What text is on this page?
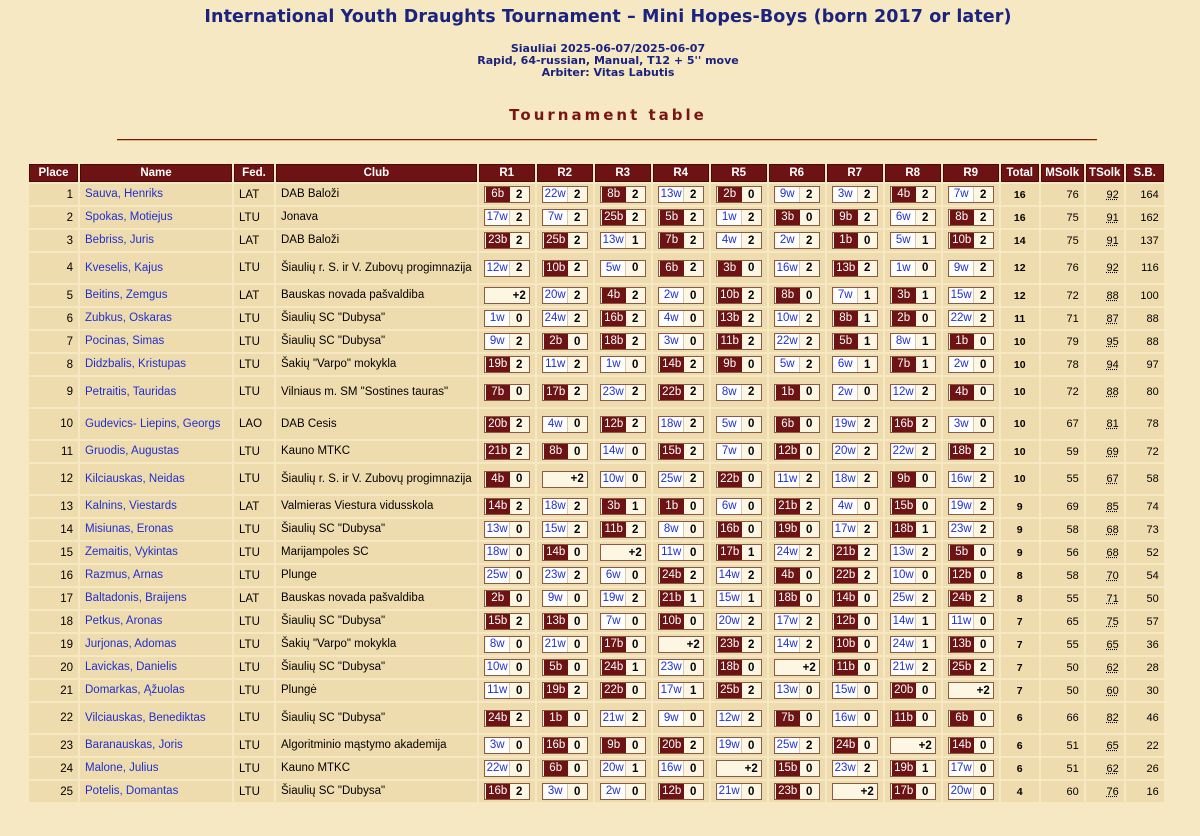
International Youth Draughts Tournament – Mini Hopes-Boys (born 2017 or later)
Siauliai 2025-06-07/2025-06-07
Rapid, 64-russian, Manual, T12 + 5'' move
Arbiter: Vitas Labutis
Tournament table
Place	Name	Fed.	Club	R1	R2	R3	R4	R5	R6	R7	R8	R9	Total	MSolk	TSolk	S.B.
1	Sauva, Henriks	LAT	DAB Baloži	6b 2	22w 2	8b 2	13w 2	2b 0	9w 2	3w 2	4b 2	7w 2	16	76	92	164
2	Spokas, Motiejus	LTU	Jonava	17w 2	7w 2	25b 2	5b 2	1w 2	3b 0	9b 2	6w 2	8b 2	16	75	91	162
3	Bebriss, Juris	LAT	DAB Baloži	23b 2	25b 2	13w 1	7b 2	4w 2	2w 2	1b 0	5w 1	10b 2	14	75	91	137
4	Kveselis, Kajus	LTU	Šiaulių r. S. ir V. Zubovų progimnazija	12w 2	10b 2	5w 0	6b 2	3b 0	16w 2	13b 2	1w 0	9w 2	12	76	92	116
5	Beitins, Zemgus	LAT	Bauskas novada pašvaldiba	+2	20w 2	4b 2	2w 0	10b 2	8b 0	7w 1	3b 1	15w 2	12	72	88	100
6	Zubkus, Oskaras	LTU	Šiaulių SC "Dubysa"	1w 0	24w 2	16b 2	4w 0	13b 2	10w 2	8b 1	2b 0	22w 2	11	71	87	88
7	Pocinas, Simas	LTU	Šiaulių SC "Dubysa"	9w 2	2b 0	18b 2	3w 0	11b 2	22w 2	5b 1	8w 1	1b 0	10	79	95	88
8	Didzbalis, Kristupas	LTU	Šakių "Varpo" mokykla	19b 2	11w 2	1w 0	14b 2	9b 0	5w 2	6w 1	7b 1	2w 0	10	78	94	97
9	Petraitis, Tauridas	LTU	Vilniaus m. SM "Sostines tauras"	7b 0	17b 2	23w 2	22b 2	8w 2	1b 0	2w 0	12w 2	4b 0	10	72	88	80
10	Gudevics- Liepins, Georgs	LAO	DAB Cesis	20b 2	4w 0	12b 2	18w 2	5w 0	6b 0	19w 2	16b 2	3w 0	10	67	81	78
11	Gruodis, Augustas	LTU	Kauno MTKC	21b 2	8b 0	14w 0	15b 2	7w 0	12b 0	20w 2	22w 2	18b 2	10	59	69	72
12	Kilciauskas, Neidas	LTU	Šiaulių r. S. ir V. Zubovų progimnazija	4b 0	+2	10w 0	25w 2	22b 0	11w 2	18w 2	9b 0	16w 2	10	55	67	58
13	Kalnins, Viestards	LAT	Valmieras Viestura vidusskola	14b 2	18w 2	3b 1	1b 0	6w 0	21b 2	4w 0	15b 0	19w 2	9	69	85	74
14	Misiunas, Eronas	LTU	Šiaulių SC "Dubysa"	13w 0	15w 2	11b 2	8w 0	16b 0	19b 0	17w 2	18b 1	23w 2	9	58	68	73
15	Zemaitis, Vykintas	LTU	Marijampoles SC	18w 0	14b 0	+2	11w 0	17b 1	24w 2	21b 2	13w 2	5b 0	9	56	68	52
16	Razmus, Arnas	LTU	Plunge	25w 0	23w 2	6w 0	24b 2	14w 2	4b 0	22b 2	10w 0	12b 0	8	58	70	54
17	Baltadonis, Braijens	LAT	Bauskas novada pašvaldiba	2b 0	9w 0	19w 2	21b 1	15w 1	18b 0	14b 0	25w 2	24b 2	8	55	71	50
18	Petkus, Aronas	LTU	Šiaulių SC "Dubysa"	15b 2	13b 0	7w 0	10b 0	20w 2	17w 2	12b 0	14w 1	11w 0	7	65	75	57
19	Jurjonas, Adomas	LTU	Šakių "Varpo" mokykla	8w 0	21w 0	17b 0	+2	23b 2	14w 2	10b 0	24w 1	13b 0	7	55	65	36
20	Lavickas, Danielis	LTU	Šiaulių SC "Dubysa"	10w 0	5b 0	24b 1	23w 0	18b 0	+2	11b 0	21w 2	25b 2	7	50	62	28
21	Domarkas, Ąžuolas	LTU	Plungė	11w 0	19b 2	22b 0	17w 1	25b 2	13w 0	15w 0	20b 0	+2	7	50	60	30
22	Vilciauskas, Benediktas	LTU	Šiaulių SC "Dubysa"	24b 2	1b 0	21w 2	9w 0	12w 2	7b 0	16w 0	11b 0	6b 0	6	66	82	46
23	Baranauskas, Joris	LTU	Algoritminio mąstymo akademija	3w 0	16b 0	9b 0	20b 2	19w 0	25w 2	24b 0	+2	14b 0	6	51	65	22
24	Malone, Julius	LTU	Kauno MTKC	22w 0	6b 0	20w 1	16w 0	+2	15b 0	23w 2	19b 1	17w 0	6	51	62	26
25	Potelis, Domantas	LTU	Šiaulių SC "Dubysa"	16b 2	3w 0	2w 0	12b 0	21w 0	23b 0	+2	17b 0	20w 0	4	60	76	16
